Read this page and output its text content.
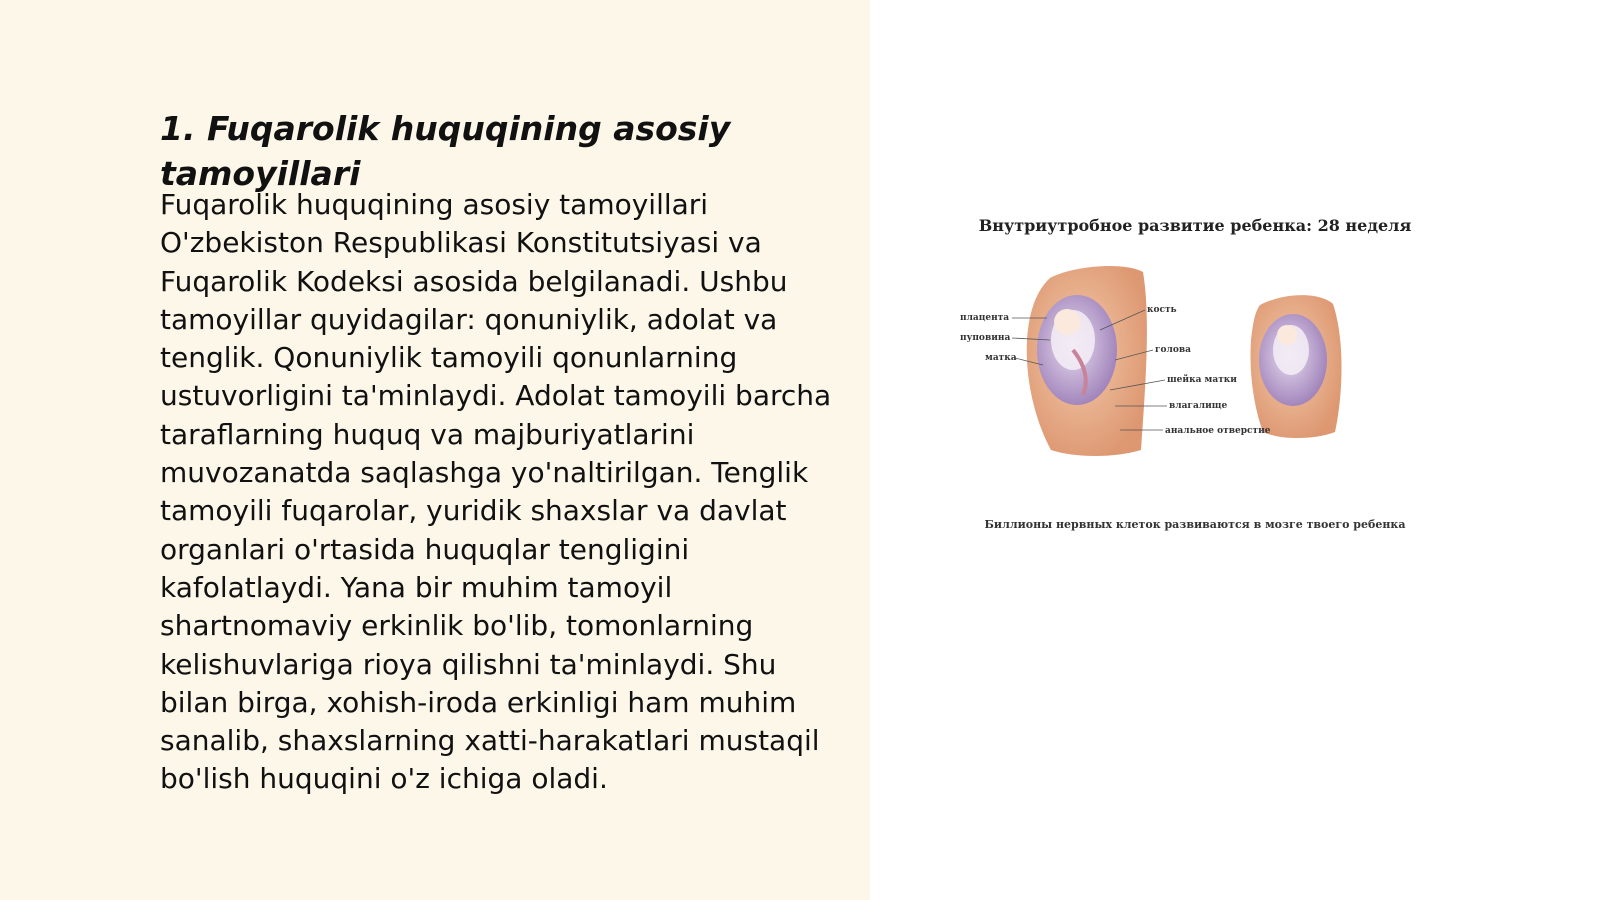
1. Fuqarolik huquqining asosiy tamoyillari

Fuqarolik huquqining asosiy tamoyillari O'zbekiston Respublikasi Konstitutsiyasi va Fuqarolik Kodeksi asosida belgilanadi. Ushbu tamoyillar quyidagilar: qonuniylik, adolat va tenglik. Qonuniylik tamoyili qonunlarning ustuvorligini ta'minlaydi. Adolat tamoyili barcha taraflarning huquq va majburiyatlarini muvozanatda saqlashga yo'naltirilgan. Tenglik tamoyili fuqarolar, yuridik shaxslar va davlat organlari o'rtasida huquqlar tengligini kafolatlaydi. Yana bir muhim tamoyil shartnomaviy erkinlik bo'lib, tomonlarning kelishuvlariga rioya qilishni ta'minlaydi. Shu bilan birga, xohish-iroda erkinligi ham muhim sanalib, shaxslarning xatti-harakatlari mustaqil bo'lish huquqini o'z ichiga oladi.

Внутриутробное развитие ребенка: 28 неделя
плацента
пуповина
матка
кость
голова
шейка матки
влагалище
анальное отверстие
Биллионы нервных клеток развиваются в мозге твоего ребенка
